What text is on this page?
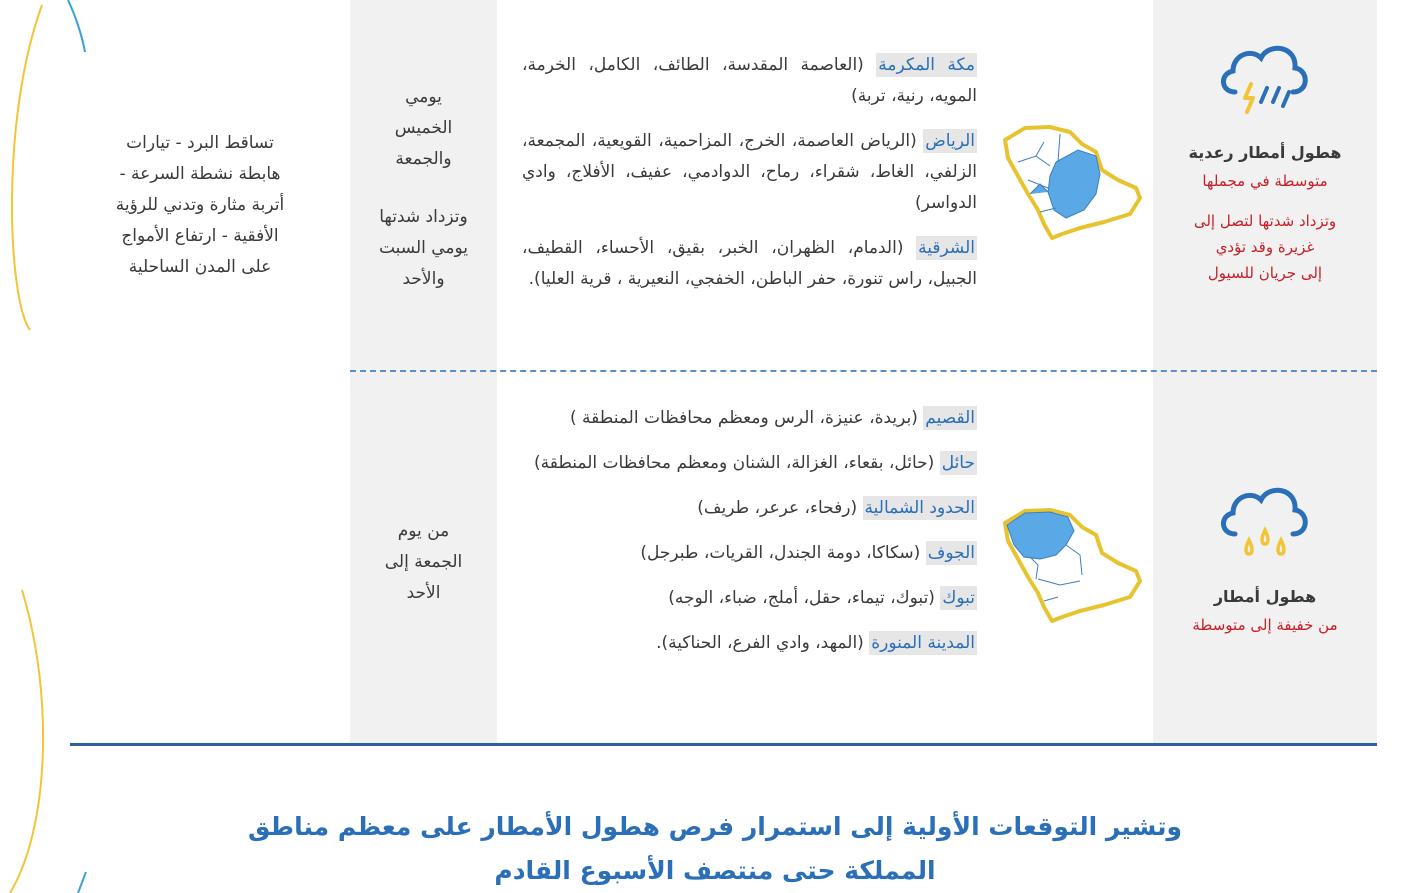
هطول أمطار رعدية
متوسطة في مجملها
وتزداد شدتها لتصل إلى
غزيرة وقد تؤدي
إلى جريان للسيول
مكة المكرمة (العاصمة المقدسة، الطائف، الكامل، الخرمة، المويه، رنية، تربة)
الرياض (الرياض العاصمة، الخرج، المزاحمية، القويعية، المجمعة، الزلفي، الغاط، شقراء، رماح، الدوادمي، عفيف، الأفلاج، وادي الدواسر)
الشرقية (الدمام، الظهران، الخبر، بقيق، الأحساء، القطيف، الجبيل، راس تنورة، حفر الباطن، الخفجي، النعيرية ، قرية العليا).
يومي
الخميس
والجمعة
وتزداد شدتها
يومي السبت
والأحد
تساقط البرد - تيارات
هابطة نشطة السرعة -
أتربة مثارة وتدني للرؤية
الأفقية - ارتفاع الأمواج
على المدن الساحلية
هطول أمطار
من خفيفة إلى متوسطة
القصيم (بريدة، عنيزة، الرس ومعظم محافظات المنطقة )
حائل (حائل، بقعاء، الغزالة، الشنان ومعظم محافظات المنطقة)
الحدود الشمالية (رفحاء، عرعر، طريف)
الجوف (سكاكا، دومة الجندل، القريات، طبرجل)
تبوك (تبوك، تيماء، حقل، أملج، ضباء، الوجه)
المدينة المنورة (المهد، وادي الفرع، الحناكية).
من يوم
الجمعة إلى
الأحد
وتشير التوقعات الأولية إلى استمرار فرص هطول الأمطار على معظم مناطق
المملكة حتى منتصف الأسبوع القادم
